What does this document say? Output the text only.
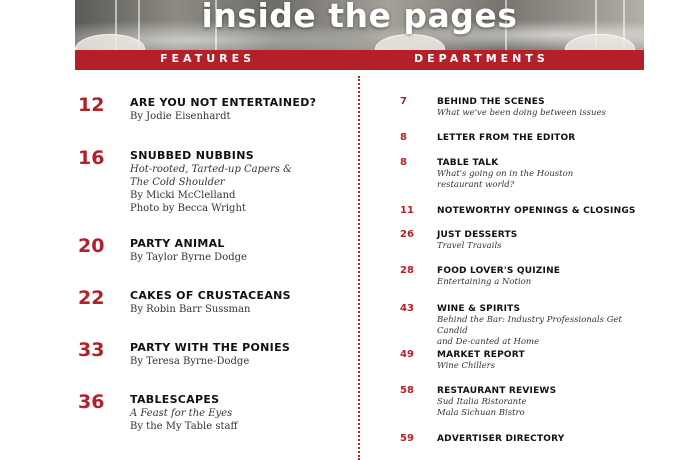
inside the pages
FEATURES	DEPARTMENTS
12	ARE YOU NOT ENTERTAINED?
By Jodie Eisenhardt
16	SNUBBED NUBBINS
Hot-rooted, Tarted-up Capers &
The Cold Shoulder
By Micki McClelland
Photo by Becca Wright
20	PARTY ANIMAL
By Taylor Byrne Dodge
22	CAKES OF CRUSTACEANS
By Robin Barr Sussman
33	PARTY WITH THE PONIES
By Teresa Byrne-Dodge
36	TABLESCAPES
A Feast for the Eyes
By the My Table staff
7	BEHIND THE SCENES
What we've been doing between issues
8	LETTER FROM THE EDITOR
8	TABLE TALK
What's going on in the Houston
restaurant world?
11	NOTEWORTHY OPENINGS & CLOSINGS
26	JUST DESSERTS
Travel Travails
28	FOOD LOVER'S QUIZINE
Entertaining a Notion
43	WINE & SPIRITS
Behind the Bar: Industry Professionals Get Candid
and De-canted at Home
49	MARKET REPORT
Wine Chillers
58	RESTAURANT REVIEWS
Sud Italia Ristorante
Mala Sichuan Bistro
59	ADVERTISER DIRECTORY
